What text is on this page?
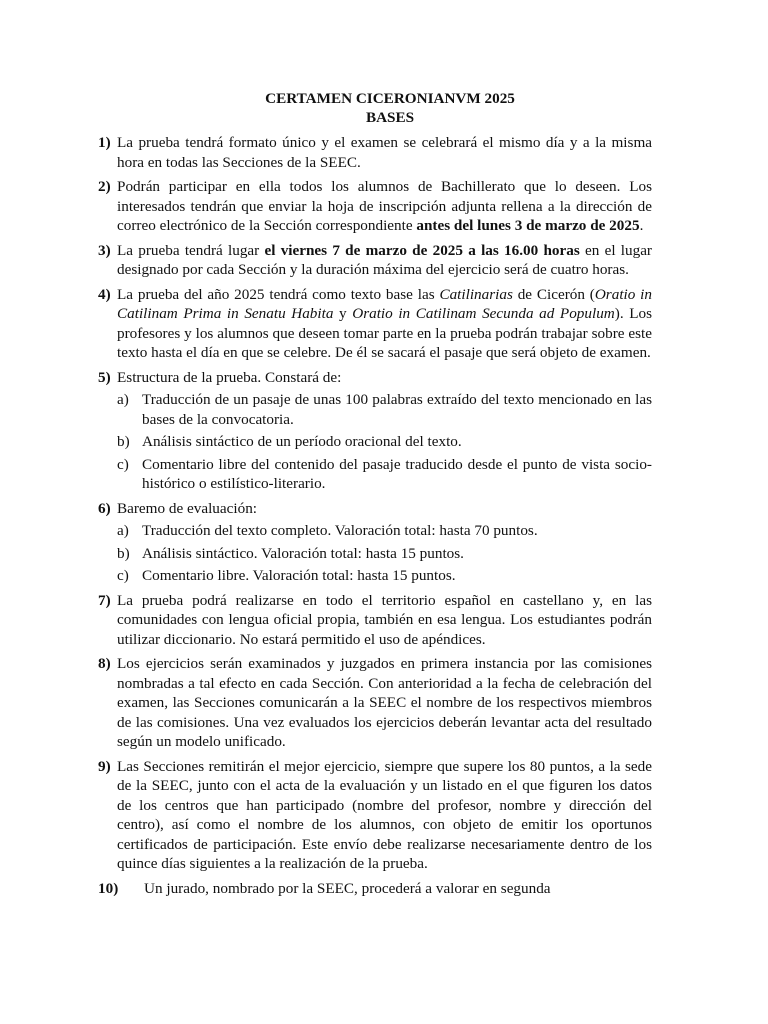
CERTAMEN CICERONIANVM 2025

BASES

1) La prueba tendrá formato único y el examen se celebrará el mismo día y a la misma hora en todas las Secciones de la SEEC.
2) Podrán participar en ella todos los alumnos de Bachillerato que lo deseen. Los interesados tendrán que enviar la hoja de inscripción adjunta rellena a la dirección de correo electrónico de la Sección correspondiente antes del lunes 3 de marzo de 2025.
3) La prueba tendrá lugar el viernes 7 de marzo de 2025 a las 16.00 horas en el lugar designado por cada Sección y la duración máxima del ejercicio será de cuatro horas.
4) La prueba del año 2025 tendrá como texto base las Catilinarias de Cicerón (Oratio in Catilinam Prima in Senatu Habita y Oratio in Catilinam Secunda ad Populum). Los profesores y los alumnos que deseen tomar parte en la prueba podrán trabajar sobre este texto hasta el día en que se celebre. De él se sacará el pasaje que será objeto de examen.
5) Estructura de la prueba. Constará de:
a) Traducción de un pasaje de unas 100 palabras extraído del texto mencionado en las bases de la convocatoria.
b) Análisis sintáctico de un período oracional del texto.
c) Comentario libre del contenido del pasaje traducido desde el punto de vista socio-histórico o estilístico-literario.
6) Baremo de evaluación:
a) Traducción del texto completo. Valoración total: hasta 70 puntos.
b) Análisis sintáctico. Valoración total: hasta 15 puntos.
c) Comentario libre. Valoración total: hasta 15 puntos.
7) La prueba podrá realizarse en todo el territorio español en castellano y, en las comunidades con lengua oficial propia, también en esa lengua. Los estudiantes podrán utilizar diccionario. No estará permitido el uso de apéndices.
8) Los ejercicios serán examinados y juzgados en primera instancia por las comisiones nombradas a tal efecto en cada Sección. Con anterioridad a la fecha de celebración del examen, las Secciones comunicarán a la SEEC el nombre de los respectivos miembros de las comisiones. Una vez evaluados los ejercicios deberán levantar acta del resultado según un modelo unificado.
9) Las Secciones remitirán el mejor ejercicio, siempre que supere los 80 puntos, a la sede de la SEEC, junto con el acta de la evaluación y un listado en el que figuren los datos de los centros que han participado (nombre del profesor, nombre y dirección del centro), así como el nombre de los alumnos, con objeto de emitir los oportunos certificados de participación. Este envío debe realizarse necesariamente dentro de los quince días siguientes a la realización de la prueba.
10) Un jurado, nombrado por la SEEC, procederá a valorar en segunda
